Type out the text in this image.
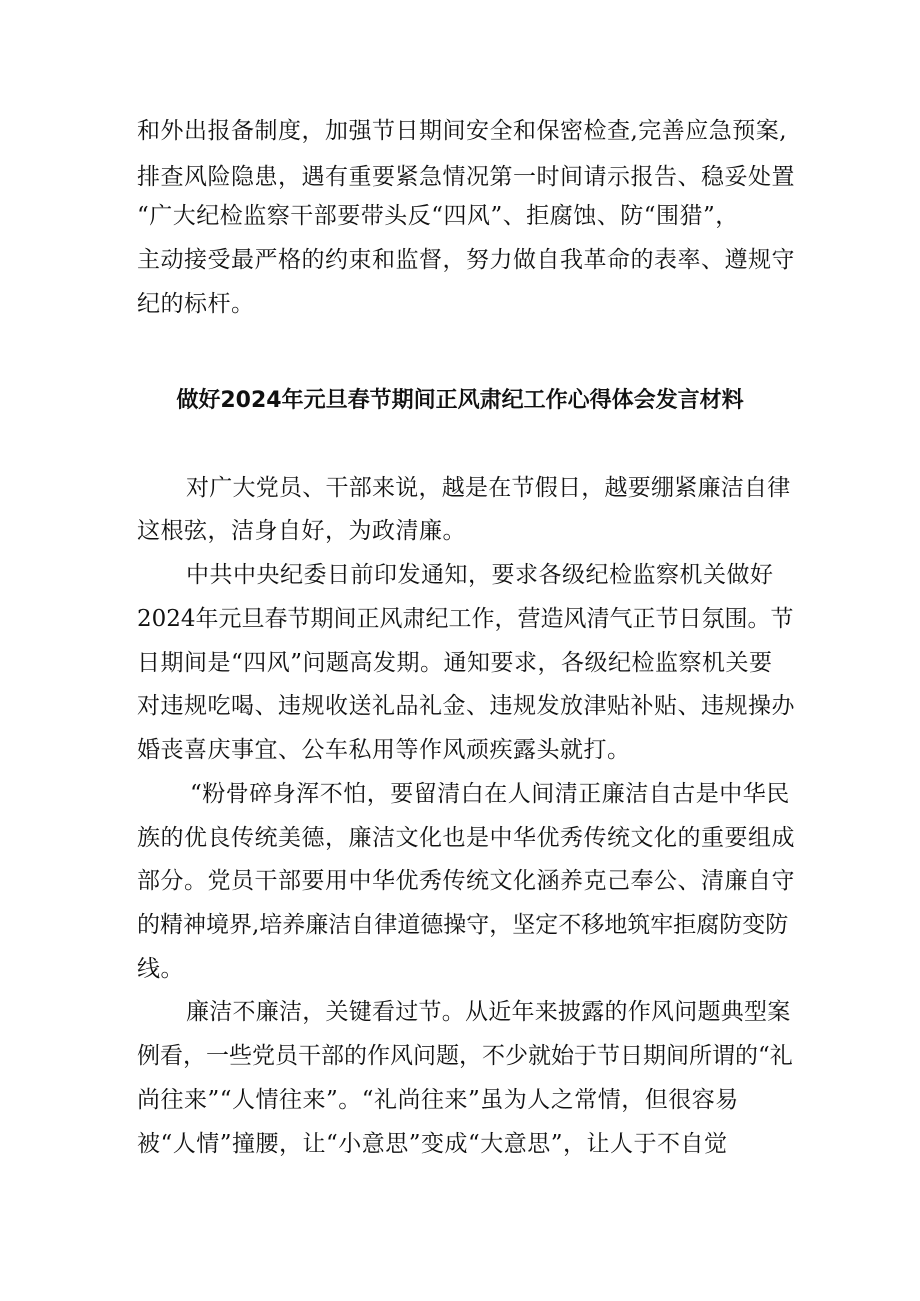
和外出报备制度，加强节日期间安全和保密检查,完善应急预案,
排查风险隐患，遇有重要紧急情况第一时间请示报告、稳妥处置
“广大纪检监察干部要带头反“四风”、拒腐蚀、防“围猎”，
主动接受最严格的约束和监督，努力做自我革命的表率、遵规守
纪的标杆。
做好2024年元旦春节期间正风肃纪工作心得体会发言材料
对广大党员、干部来说，越是在节假日，越要绷紧廉洁自律
这根弦，洁身自好，为政清廉。
中共中央纪委日前印发通知，要求各级纪检监察机关做好
2024年元旦春节期间正风肃纪工作，营造风清气正节日氛围。节
日期间是“四风”问题高发期。通知要求，各级纪检监察机关要
对违规吃喝、违规收送礼品礼金、违规发放津贴补贴、违规操办
婚丧喜庆事宜、公车私用等作风顽疾露头就打。
“粉骨碎身浑不怕，要留清白在人间清正廉洁自古是中华民
族的优良传统美德，廉洁文化也是中华优秀传统文化的重要组成
部分。党员干部要用中华优秀传统文化涵养克己奉公、清廉自守
的精神境界,培养廉洁自律道德操守，坚定不移地筑牢拒腐防变防
线。
廉洁不廉洁，关键看过节。从近年来披露的作风问题典型案
例看，一些党员干部的作风问题，不少就始于节日期间所谓的“礼
尚往来”“人情往来”。“礼尚往来”虽为人之常情，但很容易
被“人情”撞腰，让“小意思”变成“大意思”，让人于不自觉
